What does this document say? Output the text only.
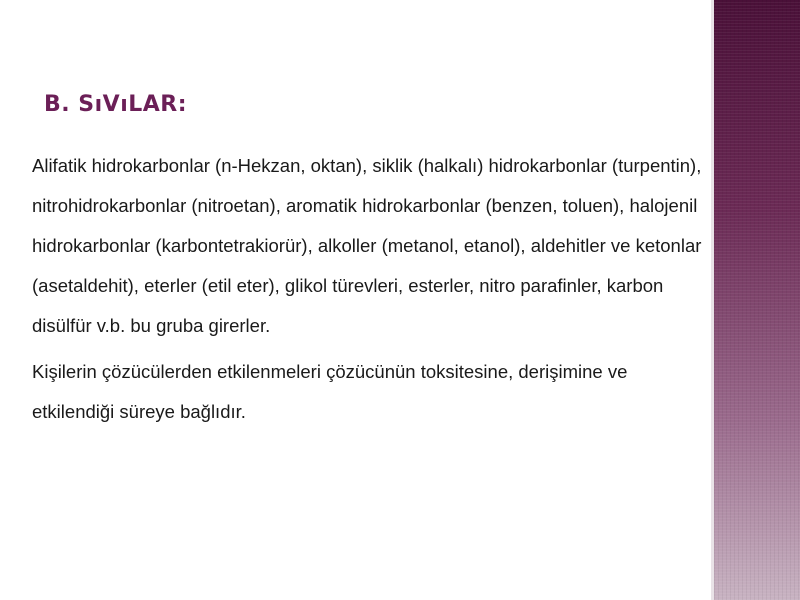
B. SıVıLAR:

Alifatik hidrokarbonlar (n-Hekzan, oktan), siklik (halkalı) hidrokarbonlar (turpentin), nitrohidrokarbonlar (nitroetan), aromatik hidrokarbonlar (benzen, toluen), halojenil hidrokarbonlar (karbontetrakiorür), alkoller (metanol, etanol), aldehitler ve ketonlar (asetaldehit), eterler (etil eter), glikol türevleri, esterler, nitro parafinler, karbon disülfür v.b. bu gruba girerler.

Kişilerin çözücülerden etkilenmeleri çözücünün toksitesine, derişimine ve etkilendiği süreye bağlıdır.
